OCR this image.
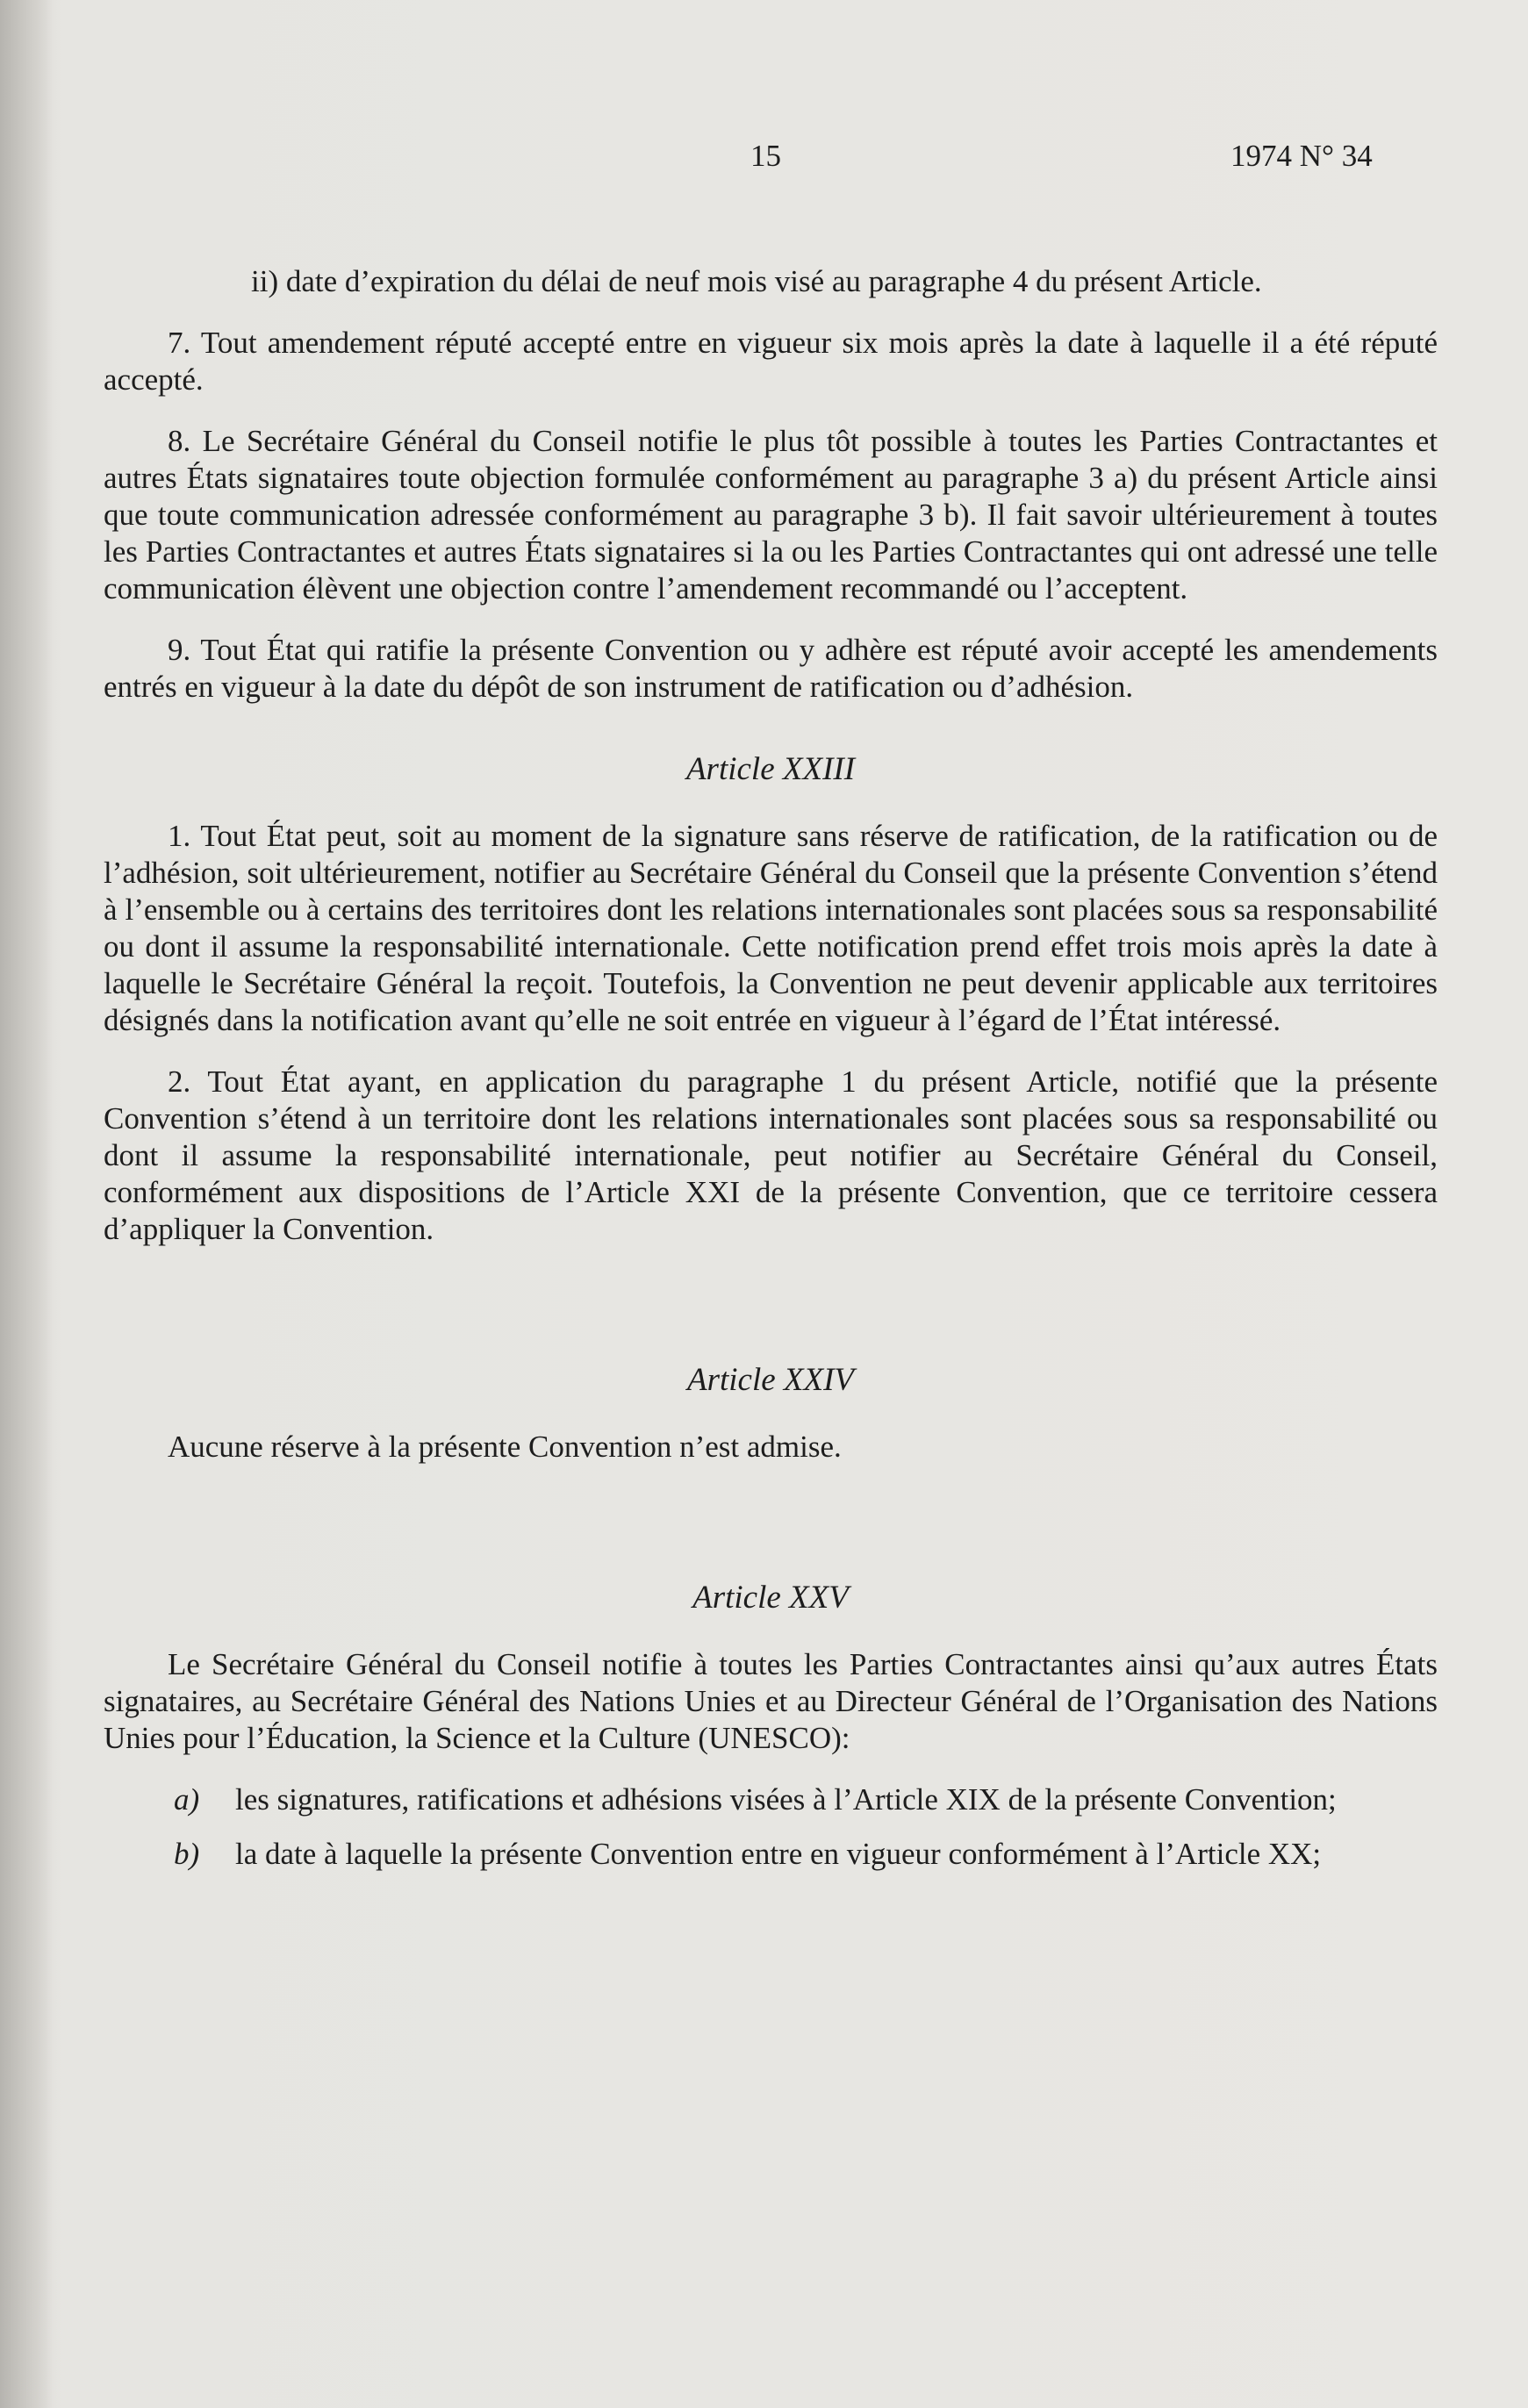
15	1974 N° 34

ii) date d’expiration du délai de neuf mois visé au paragraphe 4 du présent Article.

7. Tout amendement réputé accepté entre en vigueur six mois après la date à laquelle il a été réputé accepté.

8. Le Secrétaire Général du Conseil notifie le plus tôt possible à toutes les Parties Contractantes et autres États signataires toute objection formulée conformément au paragraphe 3 a) du présent Article ainsi que toute communication adressée conformément au paragraphe 3 b). Il fait savoir ultérieurement à toutes les Parties Contractantes et autres États signataires si la ou les Parties Contractantes qui ont adressé une telle communication élèvent une objection contre l’amendement recommandé ou l’acceptent.

9. Tout État qui ratifie la présente Convention ou y adhère est réputé avoir accepté les amendements entrés en vigueur à la date du dépôt de son instrument de ratification ou d’adhésion.

Article XXIII

1. Tout État peut, soit au moment de la signature sans réserve de ratification, de la ratification ou de l’adhésion, soit ultérieurement, notifier au Secrétaire Général du Conseil que la présente Convention s’étend à l’ensemble ou à certains des territoires dont les relations internationales sont placées sous sa responsabilité ou dont il assume la responsabilité internationale. Cette notification prend effet trois mois après la date à laquelle le Secrétaire Général la reçoit. Toutefois, la Convention ne peut devenir applicable aux territoires désignés dans la notification avant qu’elle ne soit entrée en vigueur à l’égard de l’État intéressé.

2. Tout État ayant, en application du paragraphe 1 du présent Article, notifié que la présente Convention s’étend à un territoire dont les relations internationales sont placées sous sa responsabilité ou dont il assume la responsabilité internationale, peut notifier au Secrétaire Général du Conseil, conformément aux dispositions de l’Article XXI de la présente Convention, que ce territoire cessera d’appliquer la Convention.

Article XXIV

Aucune réserve à la présente Convention n’est admise.

Article XXV

Le Secrétaire Général du Conseil notifie à toutes les Parties Contractantes ainsi qu’aux autres États signataires, au Secrétaire Général des Nations Unies et au Directeur Général de l’Organisation des Nations Unies pour l’Éducation, la Science et la Culture (UNESCO):

a)	les signatures, ratifications et adhésions visées à l’Article XIX de la présente Convention;
b)	la date à laquelle la présente Convention entre en vigueur conformément à l’Article XX;
